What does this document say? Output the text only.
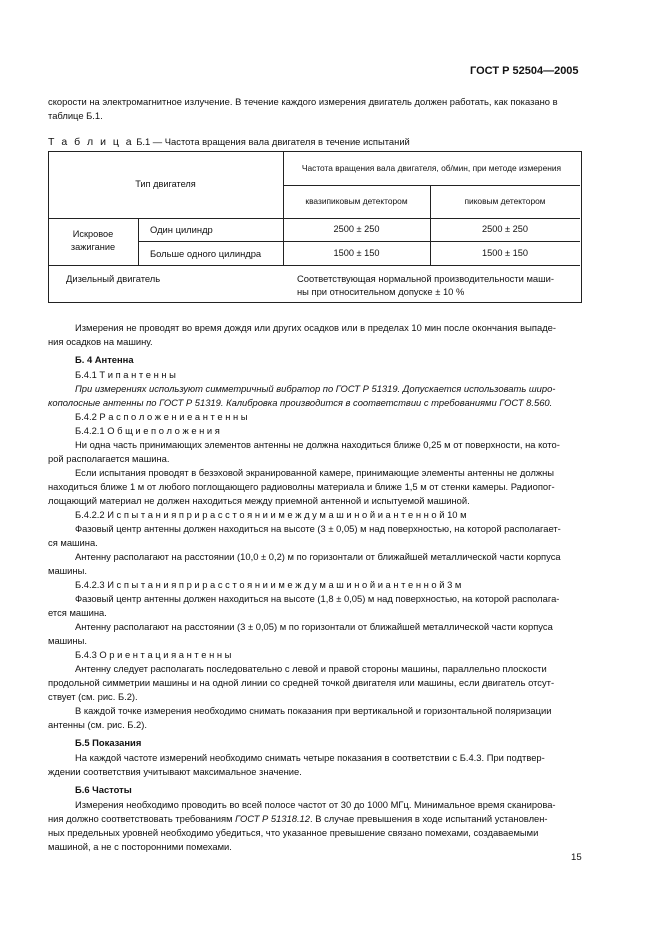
ГОСТ Р 52504—2005
скорости на электромагнитное излучение. В течение каждого измерения двигатель должен работать, как показано в
таблице Б.1.
Т а б л и ц а Б.1 — Частота вращения вала двигателя в течение испытаний
Тип двигателя
Частота вращения вала двигателя, об/мин, при методе измерения
квазипиковым детектором	пиковым детектором
Искровое
зажигание
Один цилиндр	2500 ± 250	2500 ± 250
Больше одного цилиндра	1500 ± 150	1500 ± 150
Дизельный двигатель	Соответствующая нормальной производительности маши-
ны при относительном допуске ± 10 %
Измерения не проводят во время дождя или других осадков или в пределах 10 мин после окончания выпаде-
ния осадков на машину.
Б. 4 Антенна
Б.4.1 Т и п а н т е н н ы
При измерениях используют симметричный вибратор по ГОСТ Р 51319. Допускается использовать широ-
кополосные антенны по ГОСТ Р 51319. Калибровка производится в соответствии с требованиями ГОСТ 8.560.
Б.4.2 Р а с п о л о ж е н и е а н т е н н ы
Б.4.2.1 О б щ и е п о л о ж е н и я
Ни одна часть принимающих элементов антенны не должна находиться ближе 0,25 м от поверхности, на кото-
рой располагается машина.
Если испытания проводят в безэховой экранированной камере, принимающие элементы антенны не должны
находиться ближе 1 м от любого поглощающего радиоволны материала и ближе 1,5 м от стенки камеры. Радиопог-
лощающий материал не должен находиться между приемной антенной и испытуемой машиной.
Б.4.2.2 И с п ы т а н и я п р и р а с с т о я н и и м е ж д у м а ш и н о й и а н т е н н о й 10 м
Фазовый центр антенны должен находиться на высоте (3 ± 0,05) м над поверхностью, на которой располагает-
ся машина.
Антенну располагают на расстоянии (10,0 ± 0,2) м по горизонтали от ближайшей металлической части корпуса
машины.
Б.4.2.3 И с п ы т а н и я п р и р а с с т о я н и и м е ж д у м а ш и н о й и а н т е н н о й 3 м
Фазовый центр антенны должен находиться на высоте (1,8 ± 0,05) м над поверхностью, на которой располага-
ется машина.
Антенну располагают на расстоянии (3 ± 0,05) м по горизонтали от ближайшей металлической части корпуса
машины.
Б.4.3 О р и е н т а ц и я а н т е н н ы
Антенну следует располагать последовательно с левой и правой стороны машины, параллельно плоскости
продольной симметрии машины и на одной линии со средней точкой двигателя или машины, если двигатель отсут-
ствует (см. рис. Б.2).
В каждой точке измерения необходимо снимать показания при вертикальной и горизонтальной поляризации
антенны (см. рис. Б.2).
Б.5 Показания
На каждой частоте измерений необходимо снимать четыре показания в соответствии с Б.4.3. При подтвер-
ждении соответствия учитывают максимальное значение.
Б.6 Частоты
Измерения необходимо проводить во всей полосе частот от 30 до 1000 МГц. Минимальное время сканирова-
ния должно соответствовать требованиям ГОСТ Р 51318.12. В случае превышения в ходе испытаний установлен-
ных предельных уровней необходимо убедиться, что указанное превышение связано помехами, создаваемыми
машиной, а не с посторонними помехами.
15
